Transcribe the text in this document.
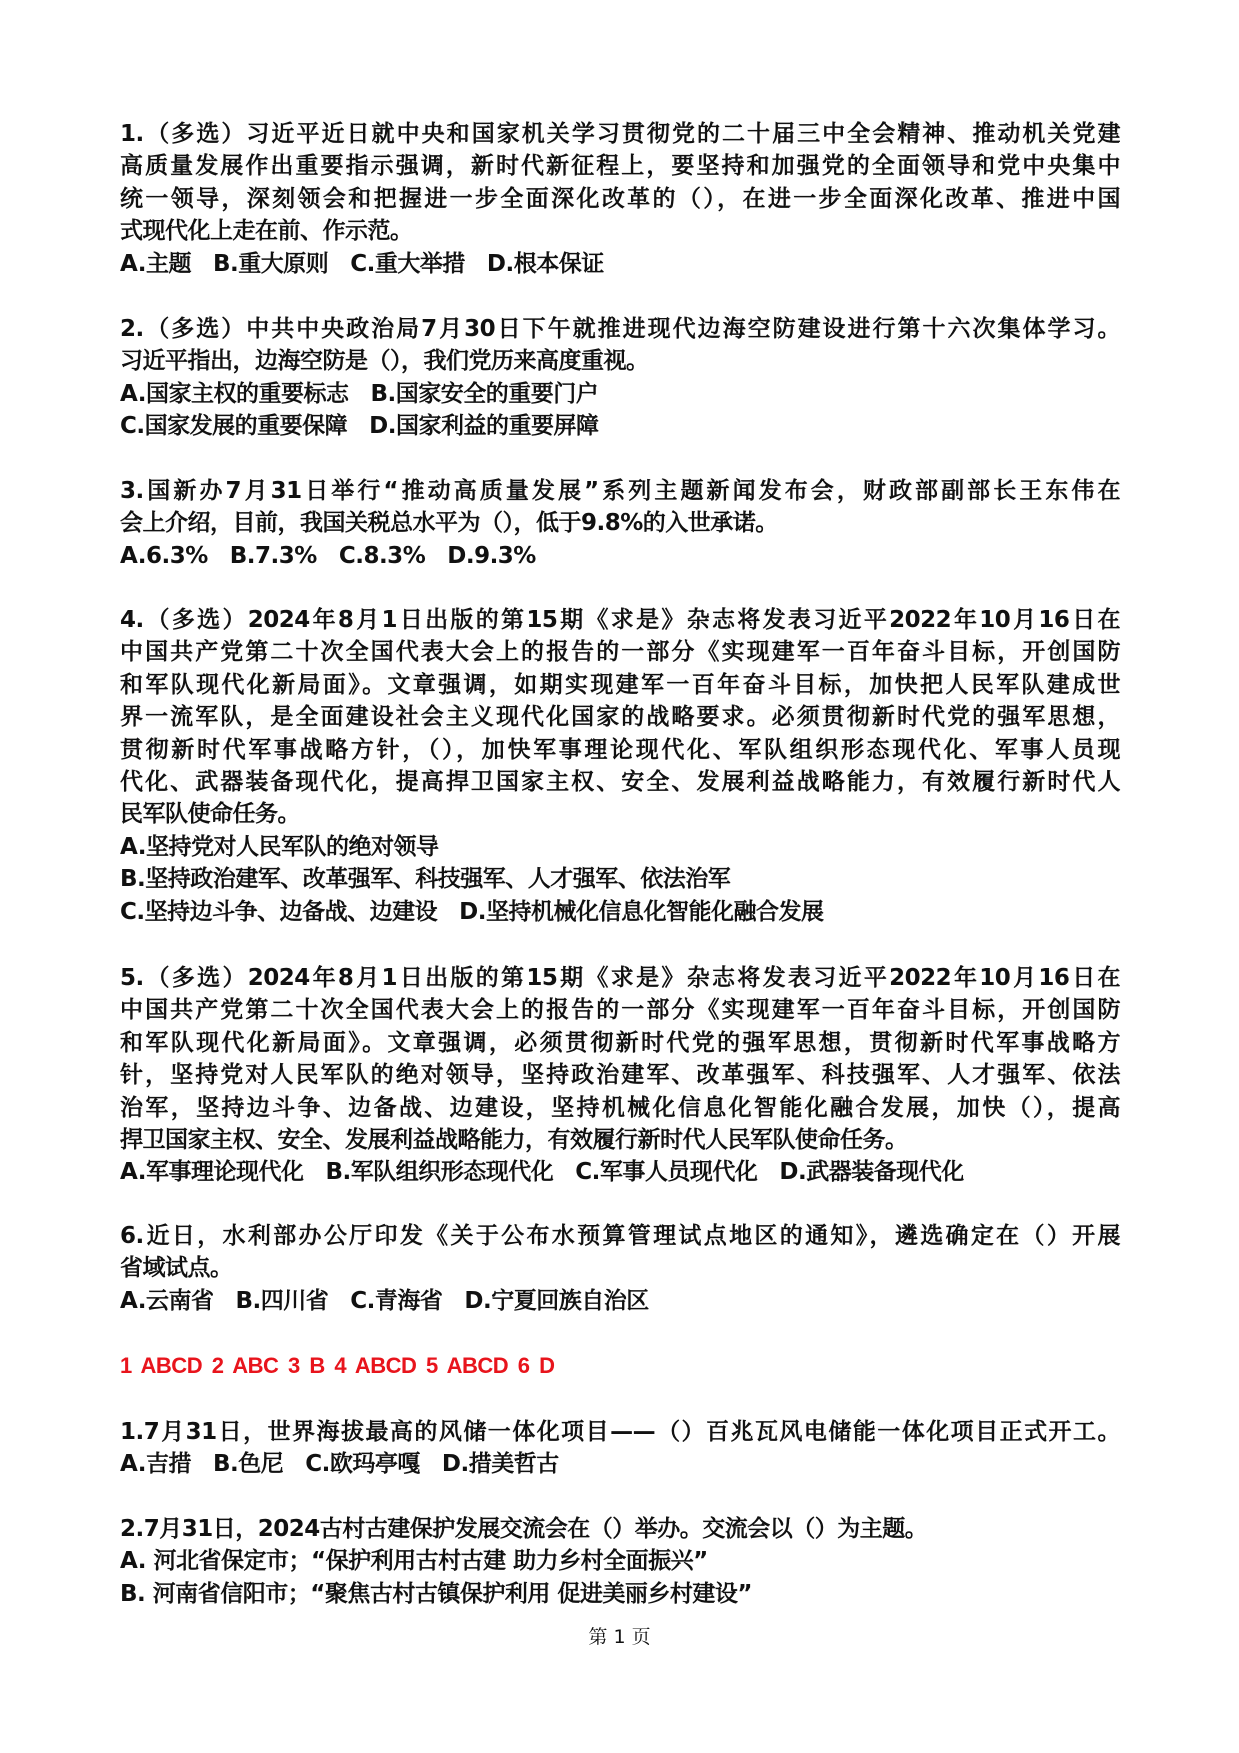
1.（多选）习近平近日就中央和国家机关学习贯彻党的二十届三中全会精神、推动机关党建
高质量发展作出重要指示强调，新时代新征程上，要坚持和加强党的全面领导和党中央集中
统一领导，深刻领会和把握进一步全面深化改革的（），在进一步全面深化改革、推进中国
式现代化上走在前、作示范。
A.主题 B.重大原则 C.重大举措 D.根本保证
2.（多选）中共中央政治局7月30日下午就推进现代边海空防建设进行第十六次集体学习。
习近平指出，边海空防是（），我们党历来高度重视。
A.国家主权的重要标志 B.国家安全的重要门户
C.国家发展的重要保障 D.国家利益的重要屏障
3.国新办7月31日举行“推动高质量发展”系列主题新闻发布会，财政部副部长王东伟在
会上介绍，目前，我国关税总水平为（），低于9.8%的入世承诺。
A.6.3% B.7.3% C.8.3% D.9.3%
4.（多选）2024年8月1日出版的第15期《求是》杂志将发表习近平2022年10月16日在
中国共产党第二十次全国代表大会上的报告的一部分《实现建军一百年奋斗目标，开创国防
和军队现代化新局面》。文章强调，如期实现建军一百年奋斗目标，加快把人民军队建成世
界一流军队，是全面建设社会主义现代化国家的战略要求。必须贯彻新时代党的强军思想，
贯彻新时代军事战略方针，（），加快军事理论现代化、军队组织形态现代化、军事人员现
代化、武器装备现代化，提高捍卫国家主权、安全、发展利益战略能力，有效履行新时代人
民军队使命任务。
A.坚持党对人民军队的绝对领导
B.坚持政治建军、改革强军、科技强军、人才强军、依法治军
C.坚持边斗争、边备战、边建设 D.坚持机械化信息化智能化融合发展
5.（多选）2024年8月1日出版的第15期《求是》杂志将发表习近平2022年10月16日在
中国共产党第二十次全国代表大会上的报告的一部分《实现建军一百年奋斗目标，开创国防
和军队现代化新局面》。文章强调，必须贯彻新时代党的强军思想，贯彻新时代军事战略方
针，坚持党对人民军队的绝对领导，坚持政治建军、改革强军、科技强军、人才强军、依法
治军，坚持边斗争、边备战、边建设，坚持机械化信息化智能化融合发展，加快（），提高
捍卫国家主权、安全、发展利益战略能力，有效履行新时代人民军队使命任务。
A.军事理论现代化 B.军队组织形态现代化 C.军事人员现代化 D.武器装备现代化
6.近日，水利部办公厅印发《关于公布水预算管理试点地区的通知》，遴选确定在（）开展
省域试点。
A.云南省 B.四川省 C.青海省 D.宁夏回族自治区
1 ABCD 2 ABC 3 B 4 ABCD 5 ABCD 6 D
1.7月31日，世界海拔最高的风储一体化项目——（）百兆瓦风电储能一体化项目正式开工。
A.吉措 B.色尼 C.欧玛亭嘎 D.措美哲古
2.7月31日，2024古村古建保护发展交流会在（）举办。交流会以（）为主题。
A. 河北省保定市；“保护利用古村古建 助力乡村全面振兴”
B. 河南省信阳市；“聚焦古村古镇保护利用 促进美丽乡村建设”
第 1 页
